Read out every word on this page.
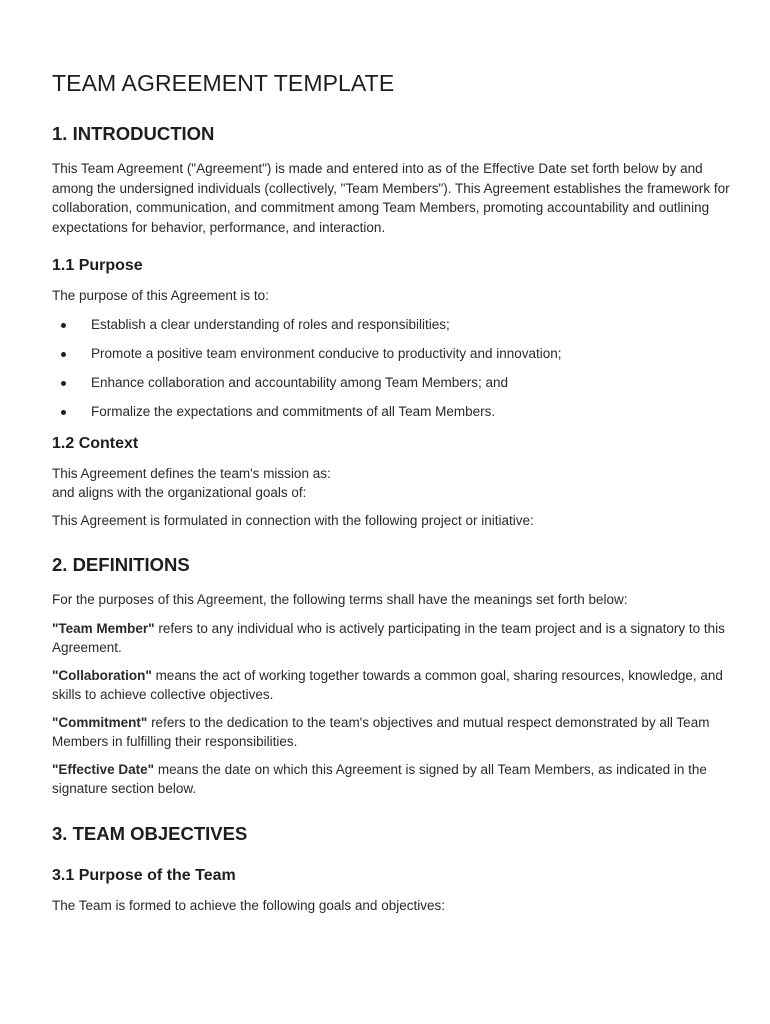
TEAM AGREEMENT TEMPLATE
1. INTRODUCTION

This Team Agreement ("Agreement") is made and entered into as of the Effective Date set forth below by and among the undersigned individuals (collectively, "Team Members"). This Agreement establishes the framework for collaboration, communication, and commitment among Team Members, promoting accountability and outlining expectations for behavior, performance, and interaction.

1.1 Purpose

The purpose of this Agreement is to:

Establish a clear understanding of roles and responsibilities;
Promote a positive team environment conducive to productivity and innovation;
Enhance collaboration and accountability among Team Members; and
Formalize the expectations and commitments of all Team Members.
1.2 Context

This Agreement defines the team's mission as:
and aligns with the organizational goals of:

This Agreement is formulated in connection with the following project or initiative:

2. DEFINITIONS

For the purposes of this Agreement, the following terms shall have the meanings set forth below:

"Team Member" refers to any individual who is actively participating in the team project and is a signatory to this Agreement.

"Collaboration" means the act of working together towards a common goal, sharing resources, knowledge, and skills to achieve collective objectives.

"Commitment" refers to the dedication to the team's objectives and mutual respect demonstrated by all Team Members in fulfilling their responsibilities.

"Effective Date" means the date on which this Agreement is signed by all Team Members, as indicated in the signature section below.

3. TEAM OBJECTIVES
3.1 Purpose of the Team

The Team is formed to achieve the following goals and objectives:
